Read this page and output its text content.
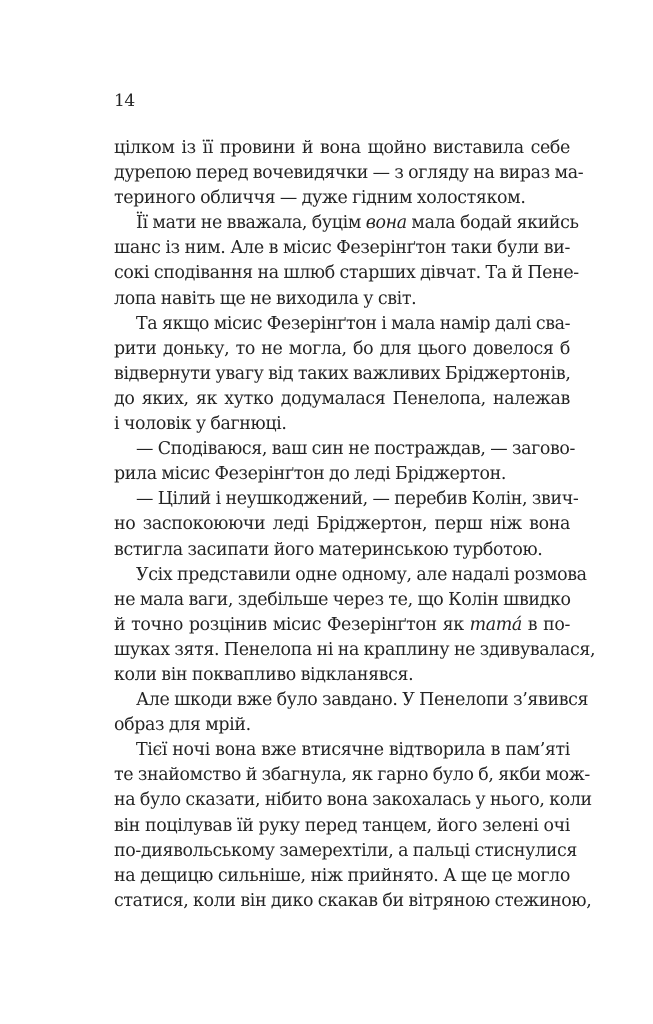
14
цілком із її провини й вона щойно виставила себе
дурепою перед вочевидячки — з огляду на вираз ма-
териного обличчя — дуже гідним холостяком.
Її мати не вважала, буцім вона мала бодай якийсь
шанс із ним. Але в місис Фезерінґтон таки були ви-
сокі сподівання на шлюб старших дівчат. Та й Пене-
лопа навіть ще не виходила у світ.
Та якщо місис Фезерінґтон і мала намір далі сва-
рити доньку, то не могла, бо для цього довелося б
відвернути увагу від таких важливих Бріджертонів,
до яких, як хутко додумалася Пенелопа, належав
і чоловік у багнюці.
— Сподіваюся, ваш син не постраждав, — загово-
рила місис Фезерінґтон до леді Бріджертон.
— Цілий і неушкоджений, — перебив Колін, звич-
но заспокоюючи леді Бріджертон, перш ніж вона
встигла засипати його материнською турботою.
Усіх представили одне одному, але надалі розмова
не мала ваги, здебільше через те, що Колін швидко
й точно розцінив місис Фезерінґтон як mamá в по-
шуках зятя. Пенелопа ні на краплину не здивувалася,
коли він поквапливо відкланявся.
Але шкоди вже було завдано. У Пенелопи з’явився
образ для мрій.
Тієї ночі вона вже втисячне відтворила в пам’яті
те знайомство й збагнула, як гарно було б, якби мож-
на було сказати, нібито вона закохалась у нього, коли
він поцілував їй руку перед танцем, його зелені очі
по-диявольському замерехтіли, а пальці стиснулися
на дещицю сильніше, ніж прийнято. А ще це могло
статися, коли він дико скакав би вітряною стежиною,
